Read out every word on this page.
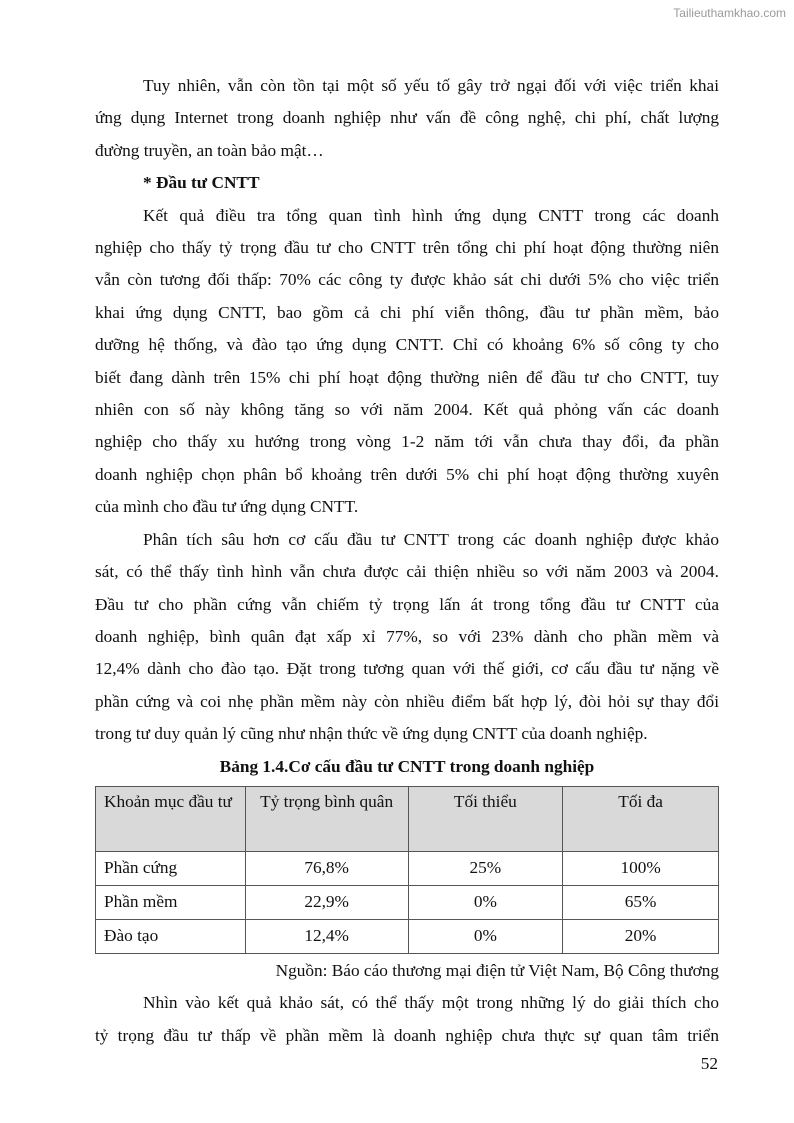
Tailieuthamkhao.com
Tuy nhiên, vẫn còn tồn tại một số yếu tố gây trở ngại đối với việc triển khai
ứng dụng Internet trong doanh nghiệp như vấn đề công nghệ, chi phí, chất lượng
đường truyền, an toàn bảo mật…
* Đầu tư CNTT
Kết quả điều tra tổng quan tình hình ứng dụng CNTT trong các doanh
nghiệp cho thấy tỷ trọng đầu tư cho CNTT trên tổng chi phí hoạt động thường niên
vẫn còn tương đối thấp: 70% các công ty được khảo sát chi dưới 5% cho việc triển
khai ứng dụng CNTT, bao gồm cả chi phí viễn thông, đầu tư phần mềm, bảo
dưỡng hệ thống, và đào tạo ứng dụng CNTT. Chỉ có khoảng 6% số công ty cho
biết đang dành trên 15% chi phí hoạt động thường niên để đầu tư cho CNTT, tuy
nhiên con số này không tăng so với năm 2004. Kết quả phỏng vấn các doanh
nghiệp cho thấy xu hướng trong vòng 1-2 năm tới vẫn chưa thay đổi, đa phần
doanh nghiệp chọn phân bổ khoảng trên dưới 5% chi phí hoạt động thường xuyên
của mình cho đầu tư ứng dụng CNTT.
Phân tích sâu hơn cơ cấu đầu tư CNTT trong các doanh nghiệp được khảo
sát, có thể thấy tình hình vẫn chưa được cải thiện nhiều so với năm 2003 và 2004.
Đầu tư cho phần cứng vẫn chiếm tỷ trọng lấn át trong tổng đầu tư CNTT của
doanh nghiệp, bình quân đạt xấp xỉ 77%, so với 23% dành cho phần mềm và
12,4% dành cho đào tạo. Đặt trong tương quan với thế giới, cơ cấu đầu tư nặng về
phần cứng và coi nhẹ phần mềm này còn nhiều điểm bất hợp lý, đòi hỏi sự thay đổi
trong tư duy quản lý cũng như nhận thức về ứng dụng CNTT của doanh nghiệp.
Bảng 1.4.Cơ cấu đầu tư CNTT trong doanh nghiệp
Khoản mục đầu tư	Tỷ trọng bình quân	Tối thiểu	Tối đa
Phần cứng	76,8%	25%	100%
Phần mềm	22,9%	0%	65%
Đào tạo	12,4%	0%	20%
Nguồn: Báo cáo thương mại điện tử Việt Nam, Bộ Công thương
Nhìn vào kết quả khảo sát, có thể thấy một trong những lý do giải thích cho
tỷ trọng đầu tư thấp về phần mềm là doanh nghiệp chưa thực sự quan tâm triển
52
